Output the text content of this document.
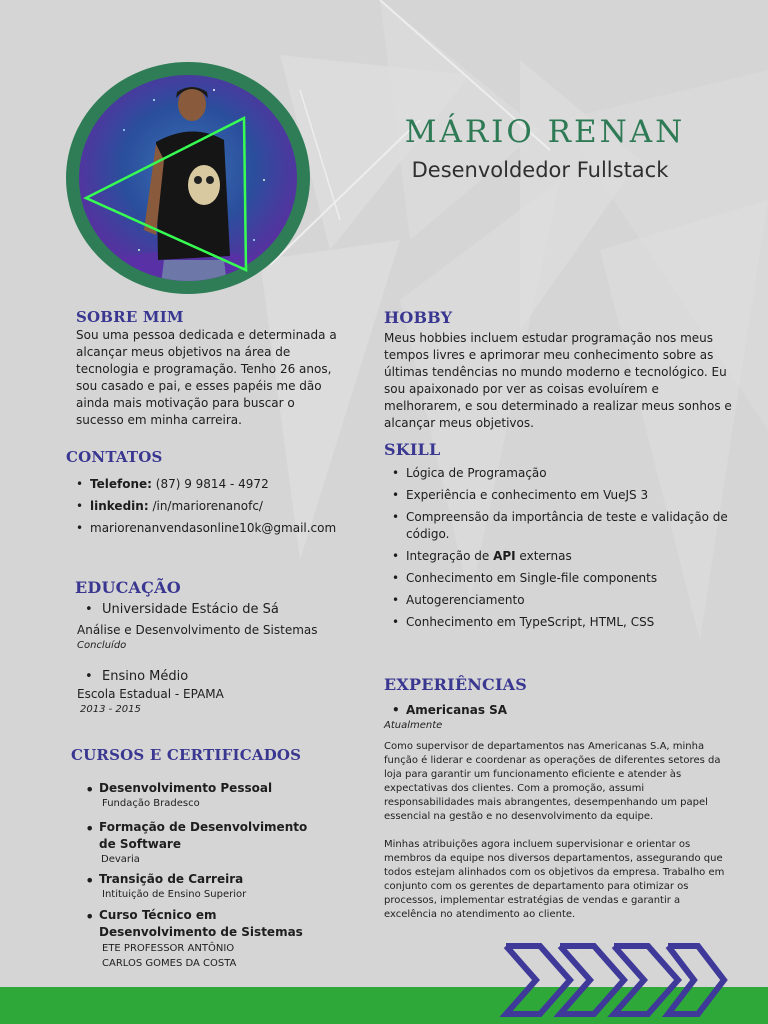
MÁRIO RENAN
Desenvoldedor Fullstack
SOBRE MIM
Sou uma pessoa dedicada e determinada a alcançar meus objetivos na área de tecnologia e programação. Tenho 26 anos, sou casado e pai, e esses papéis me dão ainda mais motivação para buscar o sucesso em minha carreira.
CONTATOS
• Telefone: (87) 9 9814 - 4972
• linkedin: /in/mariorenanofc/
• mariorenanvendasonline10k@gmail.com
EDUCAÇÃO
• Universidade Estácio de Sá
Análise e Desenvolvimento de Sistemas
Concluído
• Ensino Médio
Escola Estadual - EPAMA
2013 - 2015
CURSOS E CERTIFICADOS
• Desenvolvimento Pessoal
Fundação Bradesco
• Formação de Desenvolvimento
de Software
Devaria
• Transição de Carreira
Intituição de Ensino Superior
• Curso Técnico em
Desenvolvimento de Sistemas
ETE PROFESSOR ANTÔNIO
CARLOS GOMES DA COSTA
HOBBY
Meus hobbies incluem estudar programação nos meus tempos livres e aprimorar meu conhecimento sobre as últimas tendências no mundo moderno e tecnológico. Eu sou apaixonado por ver as coisas evoluírem e melhorarem, e sou determinado a realizar meus sonhos e alcançar meus objetivos.
SKILL
• Lógica de Programação
• Experiência e conhecimento em VueJS 3
• Compreensão da importância de teste e validação de código.
• Integração de API externas
• Conhecimento em Single-file components
• Autogerenciamento
• Conhecimento em TypeScript, HTML, CSS
EXPERIÊNCIAS
• Americanas SA
Atualmente
Como supervisor de departamentos nas Americanas S.A, minha função é liderar e coordenar as operações de diferentes setores da loja para garantir um funcionamento eficiente e atender às expectativas dos clientes. Com a promoção, assumi responsabilidades mais abrangentes, desempenhando um papel essencial na gestão e no desenvolvimento da equipe.
Minhas atribuições agora incluem supervisionar e orientar os membros da equipe nos diversos departamentos, assegurando que todos estejam alinhados com os objetivos da empresa. Trabalho em conjunto com os gerentes de departamento para otimizar os processos, implementar estratégias de vendas e garantir a excelência no atendimento ao cliente.
